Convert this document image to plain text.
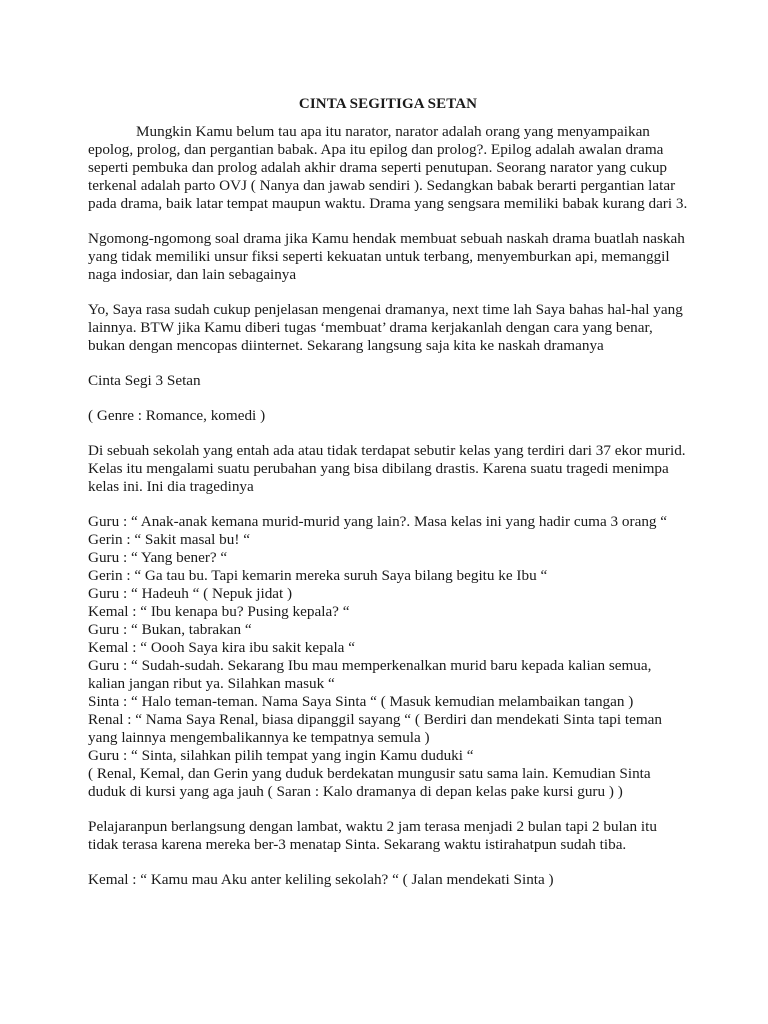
CINTA SEGITIGA SETAN

Mungkin Kamu belum tau apa itu narator, narator adalah orang yang menyampaikan epolog, prolog, dan pergantian babak. Apa itu epilog dan prolog?. Epilog adalah awalan drama seperti pembuka dan prolog adalah akhir drama seperti penutupan. Seorang narator yang cukup terkenal adalah parto OVJ ( Nanya dan jawab sendiri ). Sedangkan babak berarti pergantian latar pada drama, baik latar tempat maupun waktu. Drama yang sengsara memiliki babak kurang dari 3.

Ngomong-ngomong soal drama jika Kamu hendak membuat sebuah naskah drama buatlah naskah yang tidak memiliki unsur fiksi seperti kekuatan untuk terbang, menyemburkan api, memanggil naga indosiar, dan lain sebagainya

Yo, Saya rasa sudah cukup penjelasan mengenai dramanya, next time lah Saya bahas hal-hal yang lainnya. BTW jika Kamu diberi tugas ‘membuat’ drama kerjakanlah dengan cara yang benar, bukan dengan mencopas diinternet. Sekarang langsung saja kita ke naskah dramanya

Cinta Segi 3 Setan

( Genre : Romance, komedi )

Di sebuah sekolah yang entah ada atau tidak terdapat sebutir kelas yang terdiri dari 37 ekor murid. Kelas itu mengalami suatu perubahan yang bisa dibilang drastis. Karena suatu tragedi menimpa kelas ini. Ini dia tragedinya

Guru : “ Anak-anak kemana murid-murid yang lain?. Masa kelas ini yang hadir cuma 3 orang “
Gerin : “ Sakit masal bu! “
Guru : “ Yang bener? “
Gerin : “ Ga tau bu. Tapi kemarin mereka suruh Saya bilang begitu ke Ibu “
Guru : “ Hadeuh “ ( Nepuk jidat )
Kemal : “ Ibu kenapa bu? Pusing kepala? “
Guru : “ Bukan, tabrakan “
Kemal : “ Oooh Saya kira ibu sakit kepala “
Guru : “ Sudah-sudah. Sekarang Ibu mau memperkenalkan murid baru kepada kalian semua, kalian jangan ribut ya. Silahkan masuk “
Sinta : “ Halo teman-teman. Nama Saya Sinta “ ( Masuk kemudian melambaikan tangan )
Renal : “ Nama Saya Renal, biasa dipanggil sayang “ ( Berdiri dan mendekati Sinta tapi teman yang lainnya mengembalikannya ke tempatnya semula )
Guru : “ Sinta, silahkan pilih tempat yang ingin Kamu duduki “
( Renal, Kemal, dan Gerin yang duduk berdekatan mungusir satu sama lain. Kemudian Sinta duduk di kursi yang aga jauh ( Saran : Kalo dramanya di depan kelas pake kursi guru ) )

Pelajaranpun berlangsung dengan lambat, waktu 2 jam terasa menjadi 2 bulan tapi 2 bulan itu tidak terasa karena mereka ber-3 menatap Sinta. Sekarang waktu istirahatpun sudah tiba.

Kemal : “ Kamu mau Aku anter keliling sekolah? “ ( Jalan mendekati Sinta )
